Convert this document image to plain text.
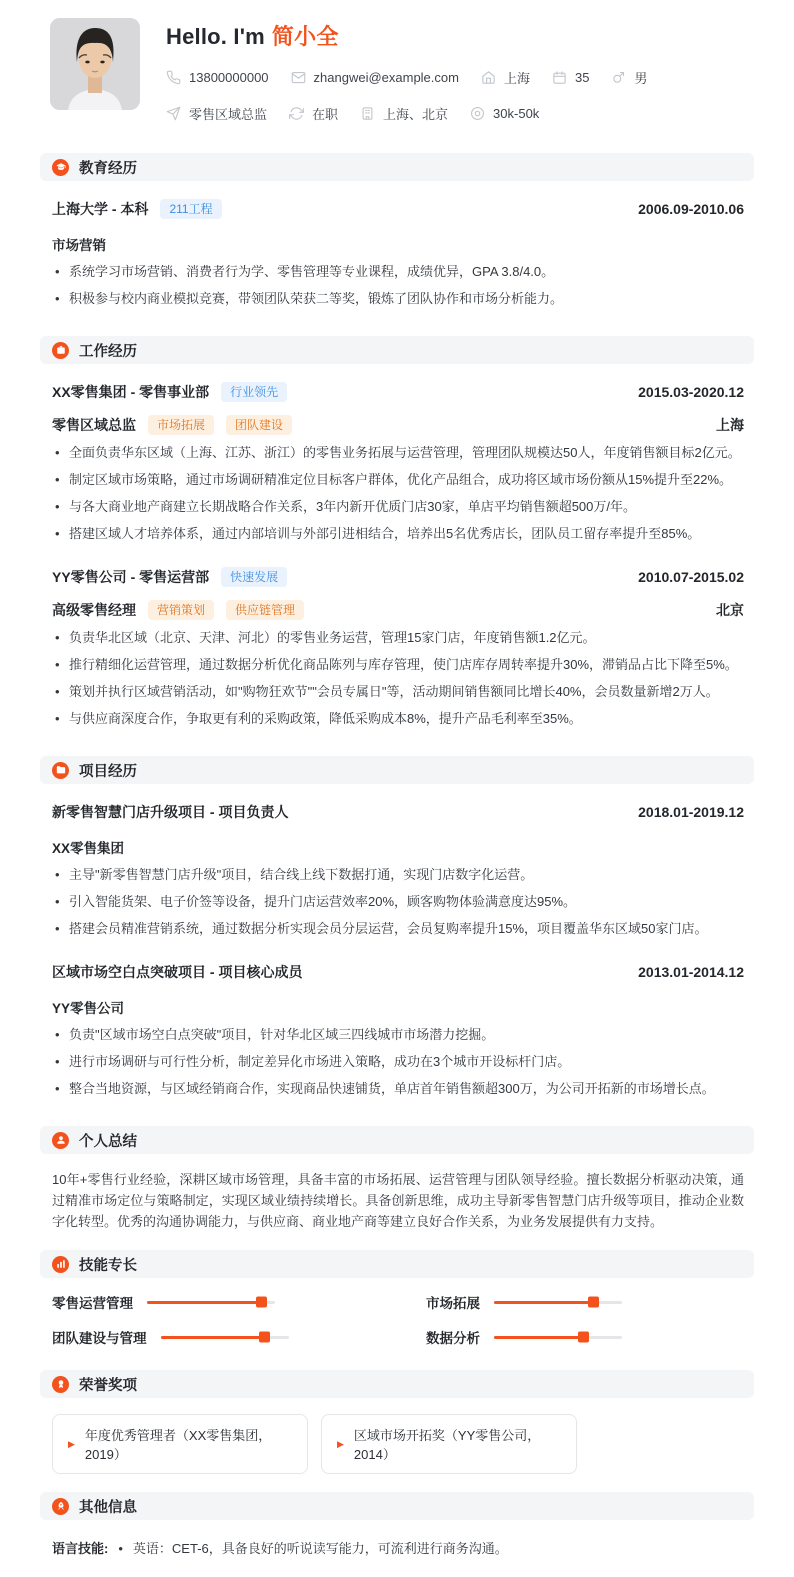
Hello. I'm 简小全
13800000000	zhangwei@example.com	上海	35	男
零售区域总监	在职	上海、北京	30k-50k
教育经历
上海大学 - 本科	211工程	2006.09-2010.06
市场营销
• 系统学习市场营销、消费者行为学、零售管理等专业课程，成绩优异，GPA 3.8/4.0。
• 积极参与校内商业模拟竞赛，带领团队荣获二等奖，锻炼了团队协作和市场分析能力。
工作经历
XX零售集团 - 零售事业部	行业领先	2015.03-2020.12
零售区域总监	市场拓展	团队建设	上海
• 全面负责华东区域（上海、江苏、浙江）的零售业务拓展与运营管理，管理团队规模达50人，年度销售额目标2亿元。
• 制定区域市场策略，通过市场调研精准定位目标客户群体，优化产品组合，成功将区域市场份额从15%提升至22%。
• 与各大商业地产商建立长期战略合作关系，3年内新开优质门店30家，单店平均销售额超500万/年。
• 搭建区域人才培养体系，通过内部培训与外部引进相结合，培养出5名优秀店长，团队员工留存率提升至85%。
YY零售公司 - 零售运营部	快速发展	2010.07-2015.02
高级零售经理	营销策划	供应链管理	北京
• 负责华北区域（北京、天津、河北）的零售业务运营，管理15家门店，年度销售额1.2亿元。
• 推行精细化运营管理，通过数据分析优化商品陈列与库存管理，使门店库存周转率提升30%，滞销品占比下降至5%。
• 策划并执行区域营销活动，如"购物狂欢节""会员专属日"等，活动期间销售额同比增长40%，会员数量新增2万人。
• 与供应商深度合作，争取更有利的采购政策，降低采购成本8%，提升产品毛利率至35%。
项目经历
新零售智慧门店升级项目 - 项目负责人	2018.01-2019.12
XX零售集团
• 主导"新零售智慧门店升级"项目，结合线上线下数据打通，实现门店数字化运营。
• 引入智能货架、电子价签等设备，提升门店运营效率20%，顾客购物体验满意度达95%。
• 搭建会员精准营销系统，通过数据分析实现会员分层运营，会员复购率提升15%，项目覆盖华东区域50家门店。
区域市场空白点突破项目 - 项目核心成员	2013.01-2014.12
YY零售公司
• 负责"区域市场空白点突破"项目，针对华北区域三四线城市市场潜力挖掘。
• 进行市场调研与可行性分析，制定差异化市场进入策略，成功在3个城市开设标杆门店。
• 整合当地资源，与区域经销商合作，实现商品快速铺货，单店首年销售额超300万，为公司开拓新的市场增长点。
个人总结
10年+零售行业经验，深耕区域市场管理，具备丰富的市场拓展、运营管理与团队领导经验。擅长数据分析驱动决策，通过精准市场定位与策略制定，实现区域业绩持续增长。具备创新思维，成功主导新零售智慧门店升级等项目，推动企业数字化转型。优秀的沟通协调能力，与供应商、商业地产商等建立良好合作关系，为业务发展提供有力支持。
技能专长
零售运营管理	市场拓展
团队建设与管理	数据分析
荣誉奖项
▶
年度优秀管理者（XX零售集团，2019）
▶
区域市场开拓奖（YY零售公司，2014）
其他信息
语言技能: • 英语：CET-6，具备良好的听说读写能力，可流利进行商务沟通。
